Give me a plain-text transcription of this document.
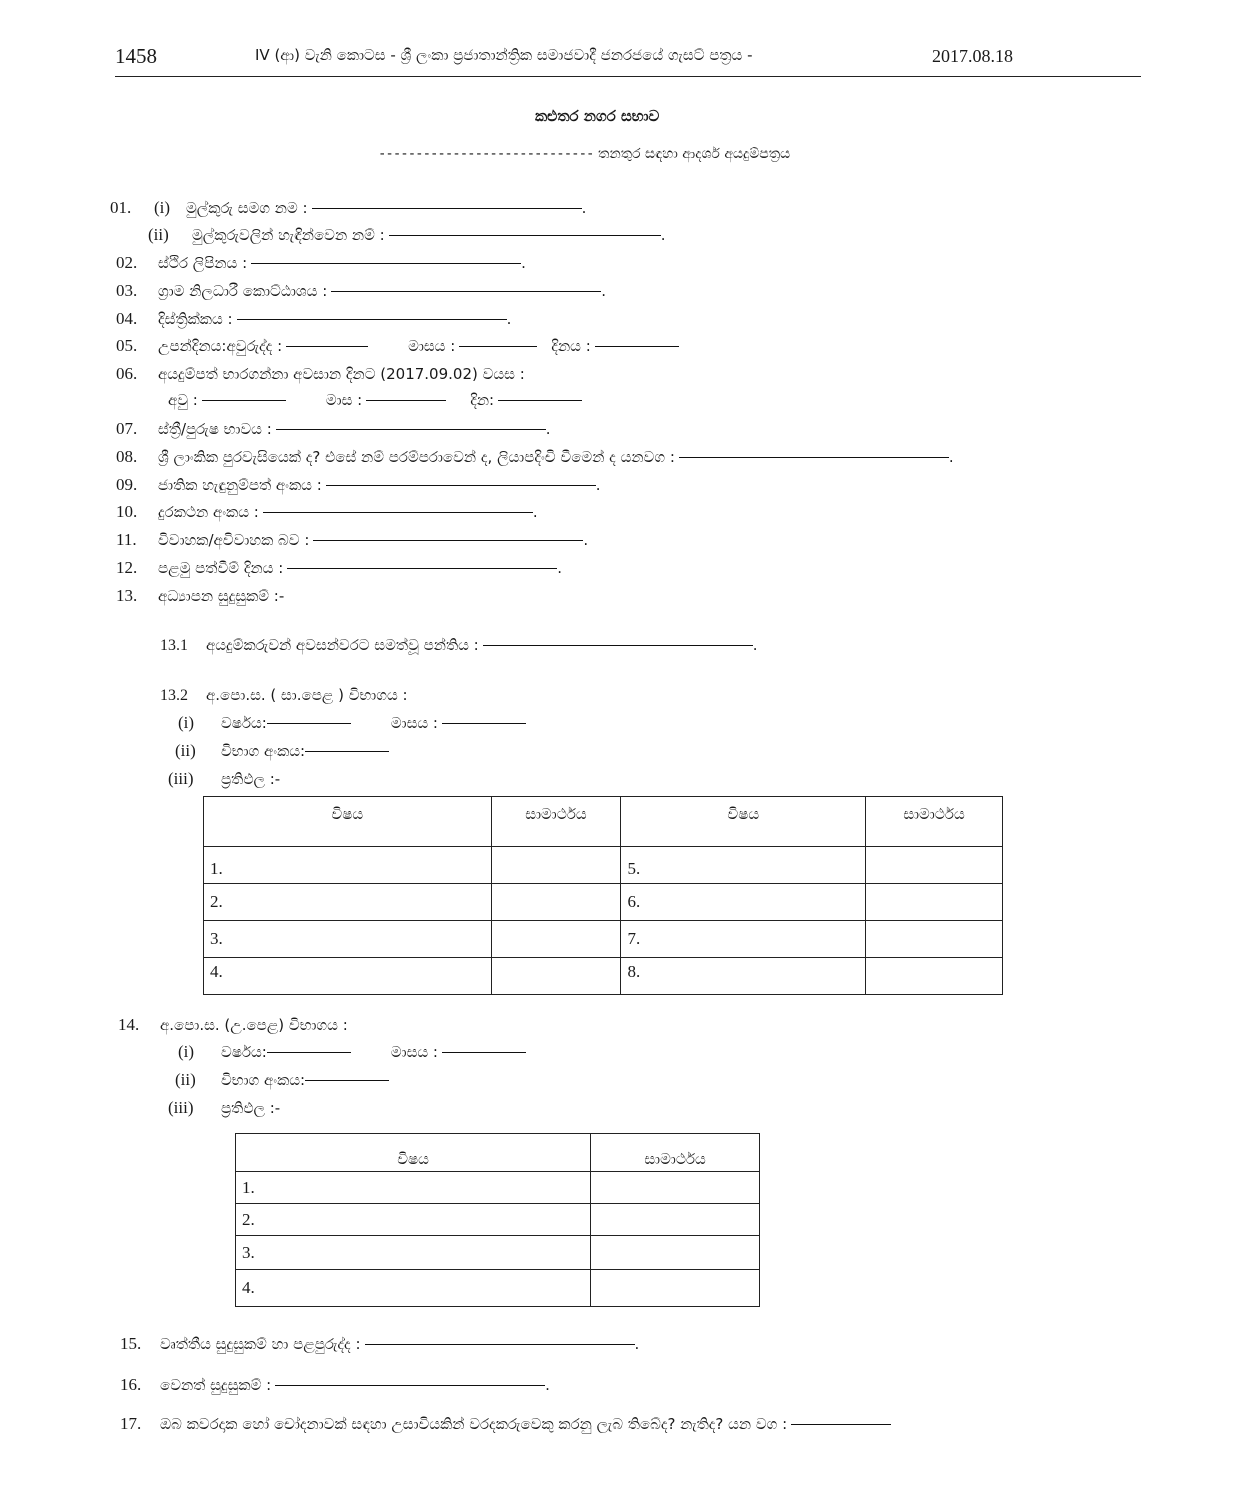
1458	IV (ආ) වැනි කොටස - ශ්‍රී ලංකා ප්‍රජාතාන්ත්‍රික සමාජවාදී ජනරජයේ ගැසට් පත්‍රය -	2017.08.18
කළුතර නගර සභාව
----------------------------- තනතුර සඳහා ආදර්ශ අයදුම්පත්‍රය
01. (i) මුල්කුරු සමග නම :	.
(ii) මුල්කුරුවලින් හැඳින්වෙන නම් :	.
02. ස්ථිර ලිපිනය :	.
03. ග්‍රාම නිලධාරී කොට්ඨාශය :	.
04. දිස්ත්‍රික්කය :	.
05. උපන්දිනය:අවුරුද්ද :	මාසය :	දිනය :
06. අයදුම්පත් භාරගන්නා අවසාන දිනට (2017.09.02) වයස :
අවු :	මාස :	දින:
07. ස්ත්‍රී/පුරුෂ භාවය :	.
08. ශ්‍රී ලාංකික පුරවැසියෙක් ද? එසේ නම් පරම්පරාවෙන් ද, ලියාපදිංචි වීමෙන් ද යනවග :	.
09. ජාතික හැඳුනුම්පත් අංකය :	.
10. දුරකථන අංකය :	.
11. විවාහක/අවිවාහක බව :	.
12. පළමු පත්වීම් දිනය :	.
13. අධ්‍යාපන සුදුසුකම් :-
13.1 අයදුම්කරුවන් අවසන්වරට සමත්වූ පන්තිය :	.
13.2 අ.පො.ස. ( සා.පෙළ ) විභාගය :
(i) වර්ෂය:	මාසය :
(ii) විභාග අංකය:
(iii) ප්‍රතිඵල :-
විෂය	සාමාර්ථය	විෂය	සාමාර්ථය
1.		5.	
2.		6.	
3.		7.	
4.		8.	
14. අ.පො.ස. (උ.පෙළ) විභාගය :
(i) වර්ෂය:	මාසය :
(ii) විභාග අංකය:
(iii) ප්‍රතිඵල :-
විෂය	සාමාර්ථය
1.	
2.	
3.	
4.	
15. වෘත්තීය සුදුසුකම් හා පළපුරුද්ද :	.
16. වෙනත් සුදුසුකම් :	.
17. ඔබ කවරදාක හෝ චෝදනාවක් සඳහා උසාවියකින් වරදකරුවෙකු කරනු ලැබ තිබේද? නැතිද? යන වග :
